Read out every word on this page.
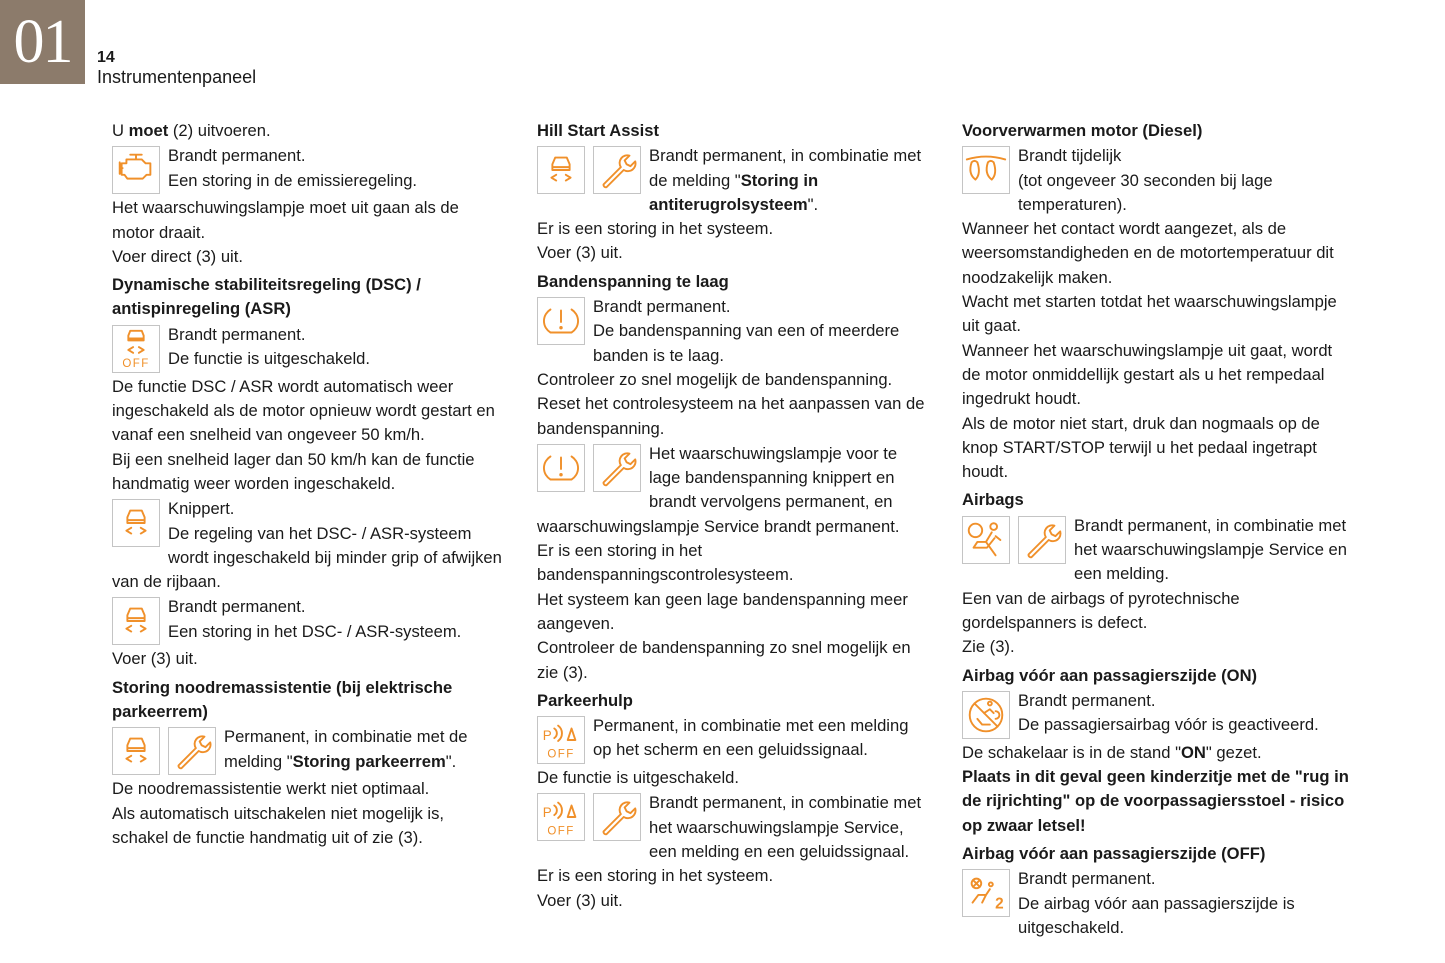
01	14
Instrumentenpaneel

U moet (2) uitvoeren.

Brandt permanent.
Een storing in de emissieregeling.

Het waarschuwingslampje moet uit gaan als de motor draait.

Voer direct (3) uit.

Dynamische stabiliteitsregeling (DSC) / antispinregeling (ASR)
OFF

Brandt permanent.
De functie is uitgeschakeld.

De functie DSC / ASR wordt automatisch weer ingeschakeld als de motor opnieuw wordt gestart en vanaf een snelheid van ongeveer 50 km/h.

Bij een snelheid lager dan 50 km/h kan de functie handmatig weer worden ingeschakeld.

Knippert.
De regeling van het DSC- / ASR-systeem wordt ingeschakeld bij minder grip of afwijken van de rijbaan.

Brandt permanent.
Een storing in het DSC- / ASR-systeem.

Voer (3) uit.

Storing noodremassistentie (bij elektrische parkeerrem)

Permanent, in combinatie met de melding "Storing parkeerrem".

De noodremassistentie werkt niet optimaal.

Als automatisch uitschakelen niet mogelijk is, schakel de functie handmatig uit of zie (3).

Hill Start Assist

Brandt permanent, in combinatie met
de melding "Storing in antiterugrolsysteem".

Er is een storing in het systeem.

Voer (3) uit.

Bandenspanning te laag

Brandt permanent.
De bandenspanning van een of meerdere banden is te laag.

Controleer zo snel mogelijk de bandenspanning.

Reset het controlesysteem na het aanpassen van de bandenspanning.

Het waarschuwingslampje voor te lage bandenspanning knippert en brandt vervolgens permanent, en waarschuwingslampje Service brandt permanent.

Er is een storing in het bandenspanningscontrolesysteem.

Het systeem kan geen lage bandenspanning meer aangeven.

Controleer de bandenspanning zo snel mogelijk en zie (3).

Parkeerhulp
P
OFF

Permanent, in combinatie met een melding op het scherm en een geluidssignaal.

De functie is uitgeschakeld.

P
OFF

Brandt permanent, in combinatie met het waarschuwingslampje Service, een melding en een geluidssignaal.

Er is een storing in het systeem.

Voer (3) uit.

Voorverwarmen motor (Diesel)

Brandt tijdelijk
(tot ongeveer 30 seconden bij lage temperaturen).

Wanneer het contact wordt aangezet, als de weersomstandigheden en de motortemperatuur dit noodzakelijk maken.

Wacht met starten totdat het waarschuwingslampje uit gaat.

Wanneer het waarschuwingslampje uit gaat, wordt de motor onmiddellijk gestart als u het rempedaal ingedrukt houdt.

Als de motor niet start, druk dan nogmaals op de knop START/STOP terwijl u het pedaal ingetrapt houdt.

Airbags

Brandt permanent, in combinatie met het waarschuwingslampje Service en een melding.

Een van de airbags of pyrotechnische gordelspanners is defect.

Zie (3).

Airbag vóór aan passagierszijde (ON)

Brandt permanent.
De passagiersairbag vóór is geactiveerd.

De schakelaar is in de stand "ON" gezet.

Plaats in dit geval geen kinderzitje met de "rug in de rijrichting" op de voorpassagiersstoel - risico op zwaar letsel!

Airbag vóór aan passagierszijde (OFF)
2

Brandt permanent.
De airbag vóór aan passagierszijde is uitgeschakeld.
